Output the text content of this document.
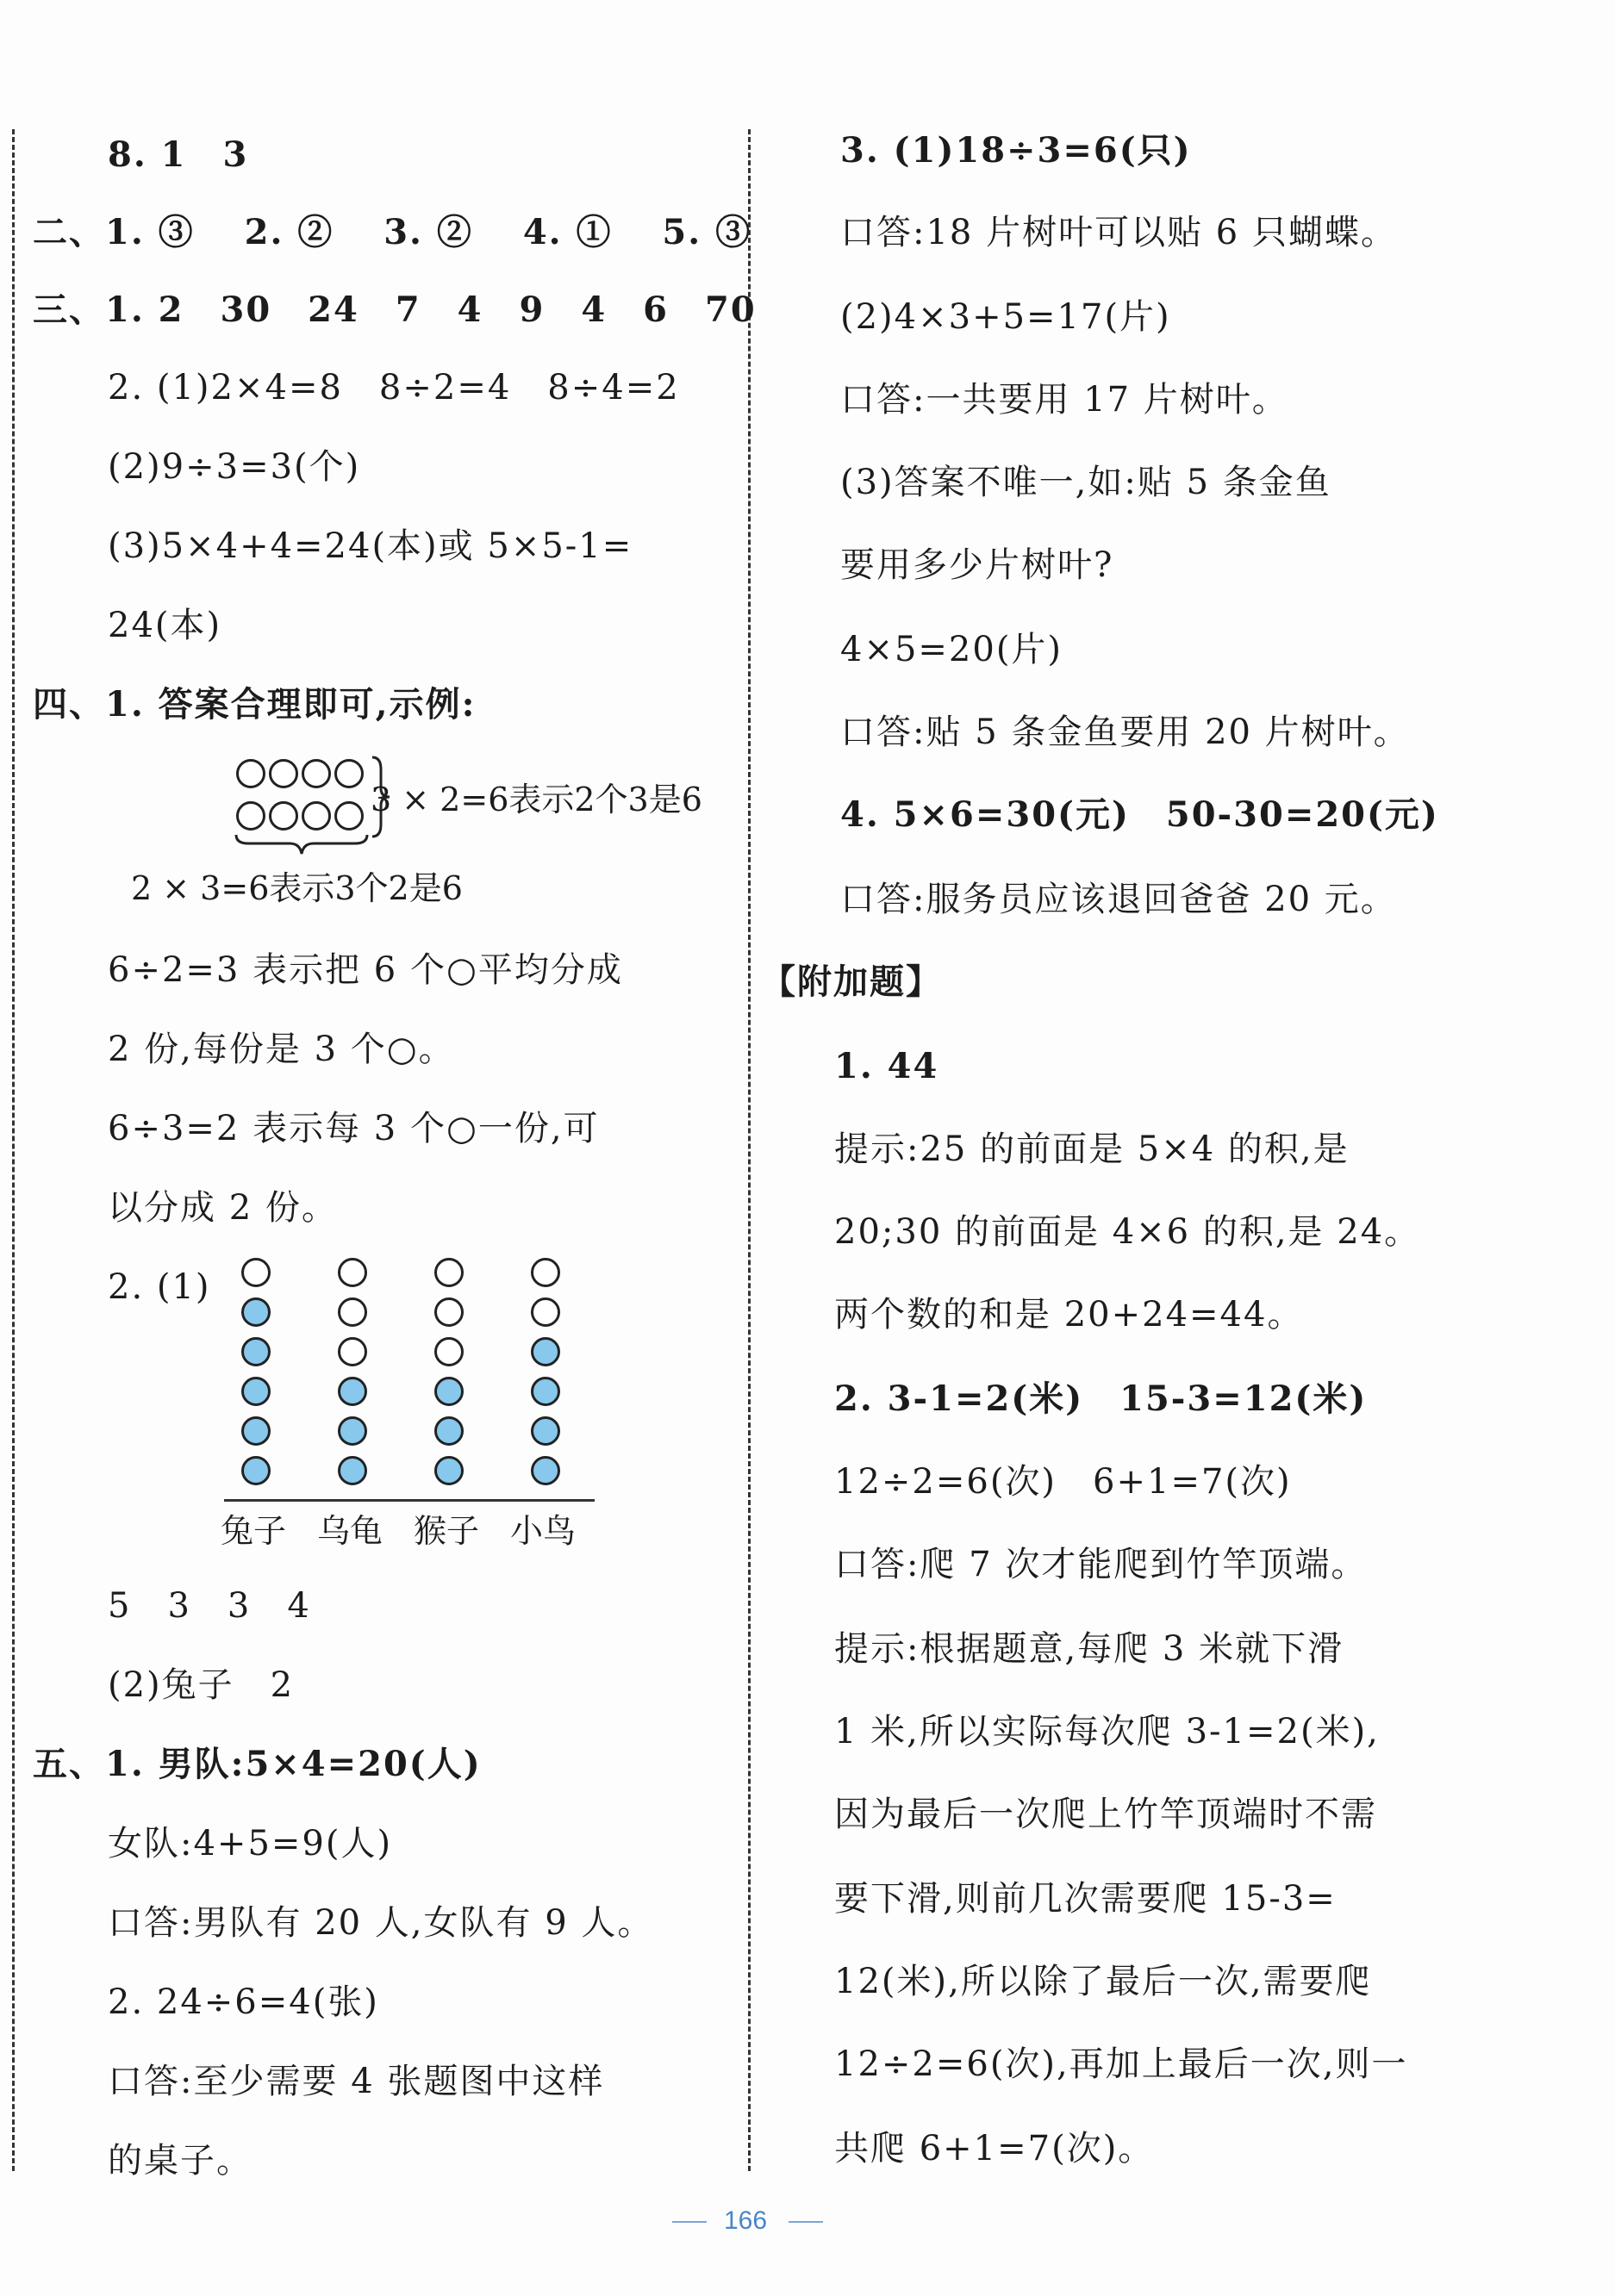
8. 1　3
二、1. ③　 2. ②　 3. ②　 4. ①　 5. ③
三、1. 2　30　24　7　4　9　4　6　70
2. (1)2×4=8　8÷2=4　8÷4=2
(2)9÷3=3(个)
(3)5×4+4=24(本)或 5×5-1=
24(本)
四、1. 答案合理即可,示例:
3 × 2=6表示2个3是6
2 × 3=6表示3个2是6
6÷2=3 表示把 6 个○平均分成
2 份,每份是 3 个○。
6÷3=2 表示每 3 个○一份,可
以分成 2 份。
2. (1)
兔子 乌龟 猴子 小鸟
5　3　3　4
(2)兔子　2
五、1. 男队:5×4=20(人)
女队:4+5=9(人)
口答:男队有 20 人,女队有 9 人。
2. 24÷6=4(张)
口答:至少需要 4 张题图中这样
的桌子。
3. (1)18÷3=6(只)
口答:18 片树叶可以贴 6 只蝴蝶。
(2)4×3+5=17(片)
口答:一共要用 17 片树叶。
(3)答案不唯一,如:贴 5 条金鱼
要用多少片树叶?
4×5=20(片)
口答:贴 5 条金鱼要用 20 片树叶。
4. 5×6=30(元)　50-30=20(元)
口答:服务员应该退回爸爸 20 元。
【附加题】
1. 44
提示:25 的前面是 5×4 的积,是
20;30 的前面是 4×6 的积,是 24。
两个数的和是 20+24=44。
2. 3-1=2(米)　15-3=12(米)
12÷2=6(次)　6+1=7(次)
口答:爬 7 次才能爬到竹竿顶端。
提示:根据题意,每爬 3 米就下滑
1 米,所以实际每次爬 3-1=2(米),
因为最后一次爬上竹竿顶端时不需
要下滑,则前几次需要爬 15-3=
12(米),所以除了最后一次,需要爬
12÷2=6(次),再加上最后一次,则一
共爬 6+1=7(次)。
166
